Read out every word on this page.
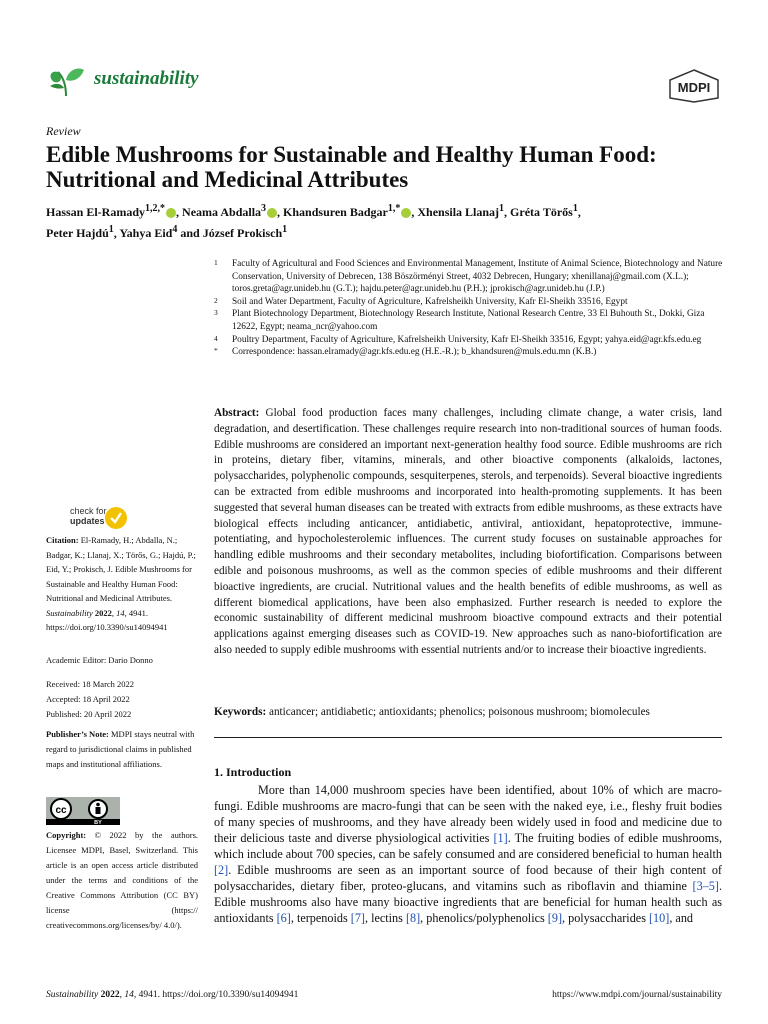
sustainability	MDPI
Review
Edible Mushrooms for Sustainable and Healthy Human Food: Nutritional and Medicinal Attributes
Hassan El-Ramady$^{1,2,*}$ , Neama Abdalla$^3$ , Khandsuren Badgar$^{1,*}$ , Xhensila Llanaj$^1$, Gréta Törős$^1$,
Peter Hajdú$^1$, Yahya Eid$^4$ and József Prokisch$^1$
1 Faculty of Agricultural and Food Sciences and Environmental Management, Institute of Animal Science, Biotechnology and Nature Conservation, University of Debrecen, 138 Böszörményi Street, 4032 Debrecen, Hungary; xhenillanaj@gmail.com (X.L.); toros.greta@agr.unideb.hu (G.T.); hajdu.peter@agr.unideb.hu (P.H.); jprokisch@agr.unideb.hu (J.P.)
2 Soil and Water Department, Faculty of Agriculture, Kafrelsheikh University, Kafr El-Sheikh 33516, Egypt
3 Plant Biotechnology Department, Biotechnology Research Institute, National Research Centre, 33 El Buhouth St., Dokki, Giza 12622, Egypt; neama_ncr@yahoo.com
4 Poultry Department, Faculty of Agriculture, Kafrelsheikh University, Kafr El-Sheikh 33516, Egypt; yahya.eid@agr.kfs.edu.eg
* Correspondence: hassan.elramady@agr.kfs.edu.eg (H.E.-R.); b_khandsuren@muls.edu.mn (K.B.)
Abstract: Global food production faces many challenges, including climate change, a water crisis, land degradation, and desertification. These challenges require research into non-traditional sources of human foods. Edible mushrooms are considered an important next-generation healthy food source. Edible mushrooms are rich in proteins, dietary fiber, vitamins, minerals, and other bioactive components (alkaloids, lactones, polysaccharides, polyphenolic compounds, sesquiterpenes, sterols, and terpenoids). Several bioactive ingredients can be extracted from edible mushrooms and incorporated into health-promoting supplements. It has been suggested that several human diseases can be treated with extracts from edible mushrooms, as these extracts have biological effects including anticancer, antidiabetic, antiviral, antioxidant, hepatoprotective, immune-potentiating, and hypocholesterolemic influences. The current study focuses on sustainable approaches for handling edible mushrooms and their secondary metabolites, including biofortification. Comparisons between edible and poisonous mushrooms, as well as the common species of edible mushrooms and their different bioactive ingredients, are crucial. Nutritional values and the health benefits of edible mushrooms, as well as different biomedical applications, have been also emphasized. Further research is needed to explore the economic sustainability of different medicinal mushroom bioactive compound extracts and their potential applications against emerging diseases such as COVID-19. New approaches such as nano-biofortification are also needed to supply edible mushrooms with essential nutrients and/or to increase their bioactive ingredients.
Keywords: anticancer; antidiabetic; antioxidants; phenolics; poisonous mushroom; biomolecules
1. Introduction
More than 14,000 mushroom species have been identified, about 10% of which are macro-fungi. Edible mushrooms are macro-fungi that can be seen with the naked eye, i.e., fleshy fruit bodies of many species of mushrooms, and they have already been widely used in food and medicine due to their delicious taste and diverse physiological activities [1]. The fruiting bodies of edible mushrooms, which include about 700 species, can be safely consumed and are considered beneficial to human health [2]. Edible mushrooms are seen as an important source of food because of their high content of polysaccharides, dietary fiber, proteo-glucans, and vitamins such as riboflavin and thiamine [3–5]. Edible mushrooms also have many bioactive ingredients that are beneficial for human health such as antioxidants [6], terpenoids [7], lectins [8], phenolics/polyphenolics [9], polysaccharides [10], and
check for
updates
Citation: El-Ramady, H.; Abdalla, N.; Badgar, K.; Llanaj, X.; Törős, G.; Hajdú, P.; Eid, Y.; Prokisch, J. Edible Mushrooms for Sustainable and Healthy Human Food: Nutritional and Medicinal Attributes. Sustainability 2022, 14, 4941. https://doi.org/10.3390/su14094941
Academic Editor: Dario Donno
Received: 18 March 2022
Accepted: 18 April 2022
Published: 20 April 2022
Publisher’s Note: MDPI stays neutral with regard to jurisdictional claims in published maps and institutional affiliations.
cc
BY
Copyright: © 2022 by the authors. Licensee MDPI, Basel, Switzerland. This article is an open access article distributed under the terms and conditions of the Creative Commons Attribution (CC BY) license (https:// creativecommons.org/licenses/by/ 4.0/).
Sustainability 2022, 14, 4941. https://doi.org/10.3390/su14094941	https://www.mdpi.com/journal/sustainability
